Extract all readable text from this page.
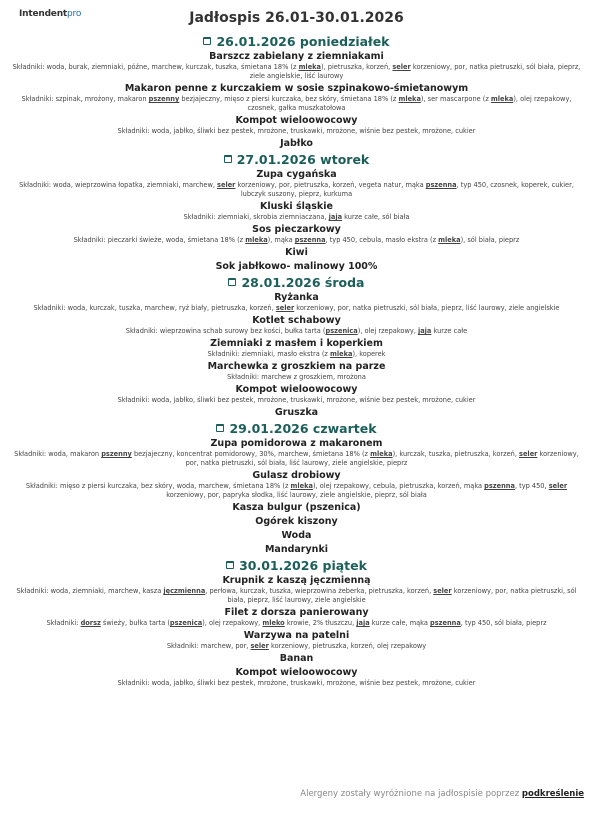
Intendentpro	Jadłospis 26.01-30.01.2026
26.01.2026 poniedziałek
Barszcz zabielany z ziemniakami
Składniki: woda, burak, ziemniaki, późne, marchew, kurczak, tuszka, śmietana 18% (z mleka), pietruszka, korzeń, seler korzeniowy, por, natka pietruszki, sól biała, pieprz, ziele angielskie, liść laurowy
Makaron penne z kurczakiem w sosie szpinakowo-śmietanowym
Składniki: szpinak, mrożony, makaron pszenny bezjajeczny, mięso z piersi kurczaka, bez skóry, śmietana 18% (z mleka), ser mascarpone (z mleka), olej rzepakowy, czosnek, gałka muszkatołowa
Kompot wieloowocowy
Składniki: woda, jabłko, śliwki bez pestek, mrożone, truskawki, mrożone, wiśnie bez pestek, mrożone, cukier
Jabłko
27.01.2026 wtorek
Zupa cygańska
Składniki: woda, wieprzowina łopatka, ziemniaki, marchew, seler korzeniowy, por, pietruszka, korzeń, vegeta natur, mąka pszenna, typ 450, czosnek, koperek, cukier, lubczyk suszony, pieprz, kurkuma
Kluski śląskie
Składniki: ziemniaki, skrobia ziemniaczana, jaja kurze całe, sól biała
Sos pieczarkowy
Składniki: pieczarki świeże, woda, śmietana 18% (z mleka), mąka pszenna, typ 450, cebula, masło ekstra (z mleka), sól biała, pieprz
Kiwi
Sok jabłkowo- malinowy 100%
28.01.2026 środa
Ryżanka
Składniki: woda, kurczak, tuszka, marchew, ryż biały, pietruszka, korzeń, seler korzeniowy, por, natka pietruszki, sól biała, pieprz, liść laurowy, ziele angielskie
Kotlet schabowy
Składniki: wieprzowina schab surowy bez kości, bułka tarta (pszenica), olej rzepakowy, jaja kurze całe
Ziemniaki z masłem i koperkiem
Składniki: ziemniaki, masło ekstra (z mleka), koperek
Marchewka z groszkiem na parze
Składniki: marchew z groszkiem, mrożona
Kompot wieloowocowy
Składniki: woda, jabłko, śliwki bez pestek, mrożone, truskawki, mrożone, wiśnie bez pestek, mrożone, cukier
Gruszka
29.01.2026 czwartek
Zupa pomidorowa z makaronem
Składniki: woda, makaron pszenny bezjajeczny, koncentrat pomidorowy, 30%, marchew, śmietana 18% (z mleka), kurczak, tuszka, pietruszka, korzeń, seler korzeniowy, por, natka pietruszki, sól biała, liść laurowy, ziele angielskie, pieprz
Gulasz drobiowy
Składniki: mięso z piersi kurczaka, bez skóry, woda, marchew, śmietana 18% (z mleka), olej rzepakowy, cebula, pietruszka, korzeń, mąka pszenna, typ 450, seler korzeniowy, por, papryka słodka, liść laurowy, ziele angielskie, pieprz, sól biała
Kasza bulgur (pszenica)
Ogórek kiszony
Woda
Mandarynki
30.01.2026 piątek
Krupnik z kaszą jęczmienną
Składniki: woda, ziemniaki, marchew, kasza jęczmienna, perłowa, kurczak, tuszka, wieprzowina żeberka, pietruszka, korzeń, seler korzeniowy, por, natka pietruszki, sól biała, pieprz, liść laurowy, ziele angielskie
Filet z dorsza panierowany
Składniki: dorsz świeży, bułka tarta (pszenica), olej rzepakowy, mleko krowie, 2% tłuszczu, jaja kurze całe, mąka pszenna, typ 450, sól biała, pieprz
Warzywa na patelni
Składniki: marchew, por, seler korzeniowy, pietruszka, korzeń, olej rzepakowy
Banan
Kompot wieloowocowy
Składniki: woda, jabłko, śliwki bez pestek, mrożone, truskawki, mrożone, wiśnie bez pestek, mrożone, cukier
Alergeny zostały wyróżnione na jadłospisie poprzez podkreślenie
